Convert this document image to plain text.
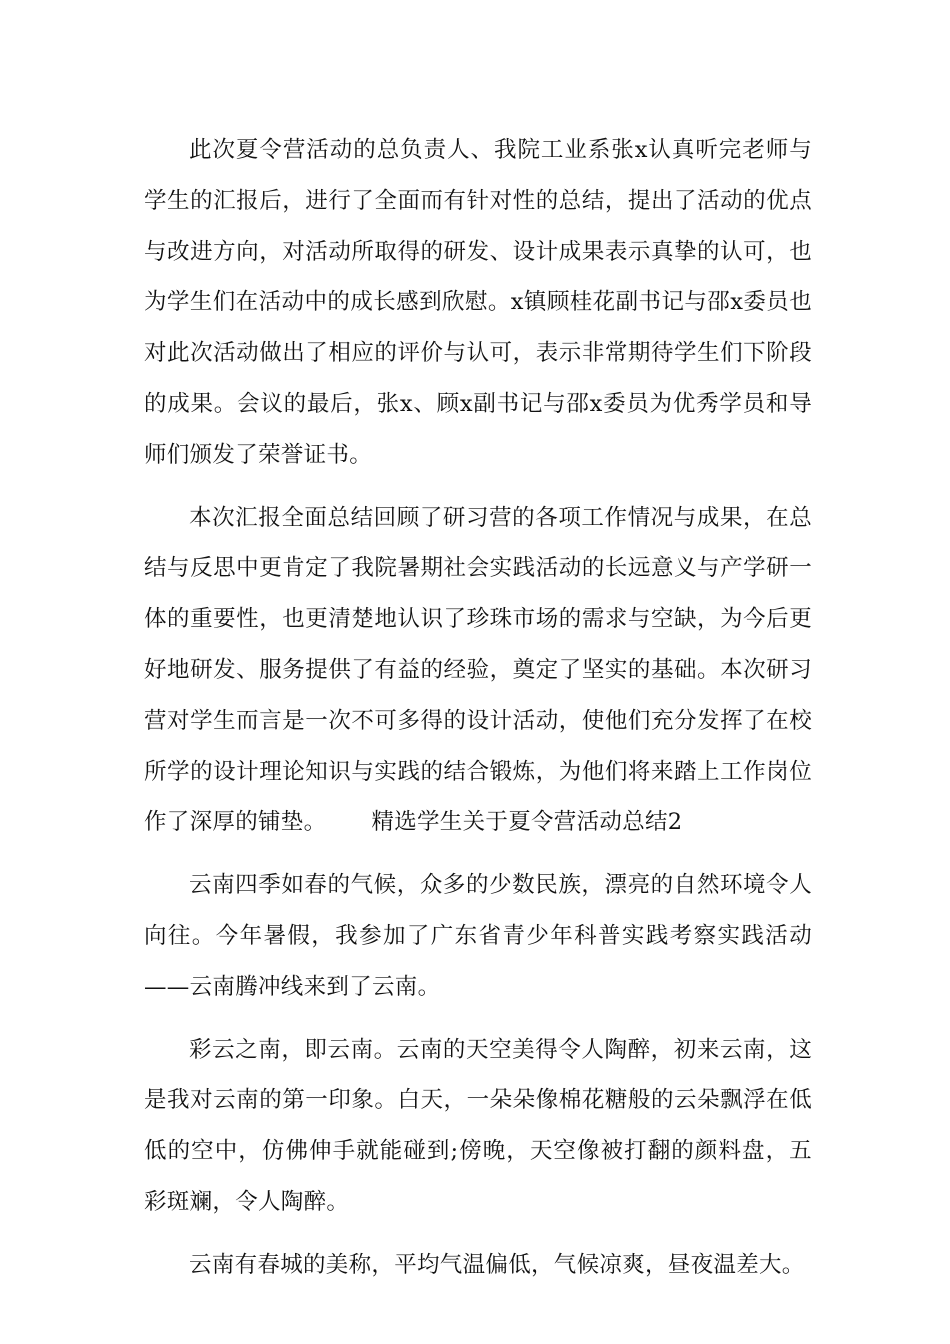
此次夏令营活动的总负责人、我院工业系张x认真听完老师与学生的汇报后，进行了全面而有针对性的总结，提出了活动的优点与改进方向，对活动所取得的研发、设计成果表示真挚的认可，也为学生们在活动中的成长感到欣慰。x镇顾桂花副书记与邵x委员也对此次活动做出了相应的评价与认可，表示非常期待学生们下阶段的成果。会议的最后，张x、顾x副书记与邵x委员为优秀学员和导师们颁发了荣誉证书。

本次汇报全面总结回顾了研习营的各项工作情况与成果，在总结与反思中更肯定了我院暑期社会实践活动的长远意义与产学研一体的重要性，也更清楚地认识了珍珠市场的需求与空缺，为今后更好地研发、服务提供了有益的经验，奠定了坚实的基础。本次研习营对学生而言是一次不可多得的设计活动，使他们充分发挥了在校所学的设计理论知识与实践的结合锻炼，为他们将来踏上工作岗位作了深厚的铺垫。 精选学生关于夏令营活动总结2

云南四季如春的气候，众多的少数民族，漂亮的自然环境令人向往。今年暑假，我参加了广东省青少年科普实践考察实践活动——云南腾冲线来到了云南。

彩云之南，即云南。云南的天空美得令人陶醉，初来云南，这是我对云南的第一印象。白天，一朵朵像棉花糖般的云朵飘浮在低低的空中，仿佛伸手就能碰到;傍晚，天空像被打翻的颜料盘，五彩斑斓，令人陶醉。

云南有春城的美称，平均气温偏低，气候凉爽，昼夜温差大。
